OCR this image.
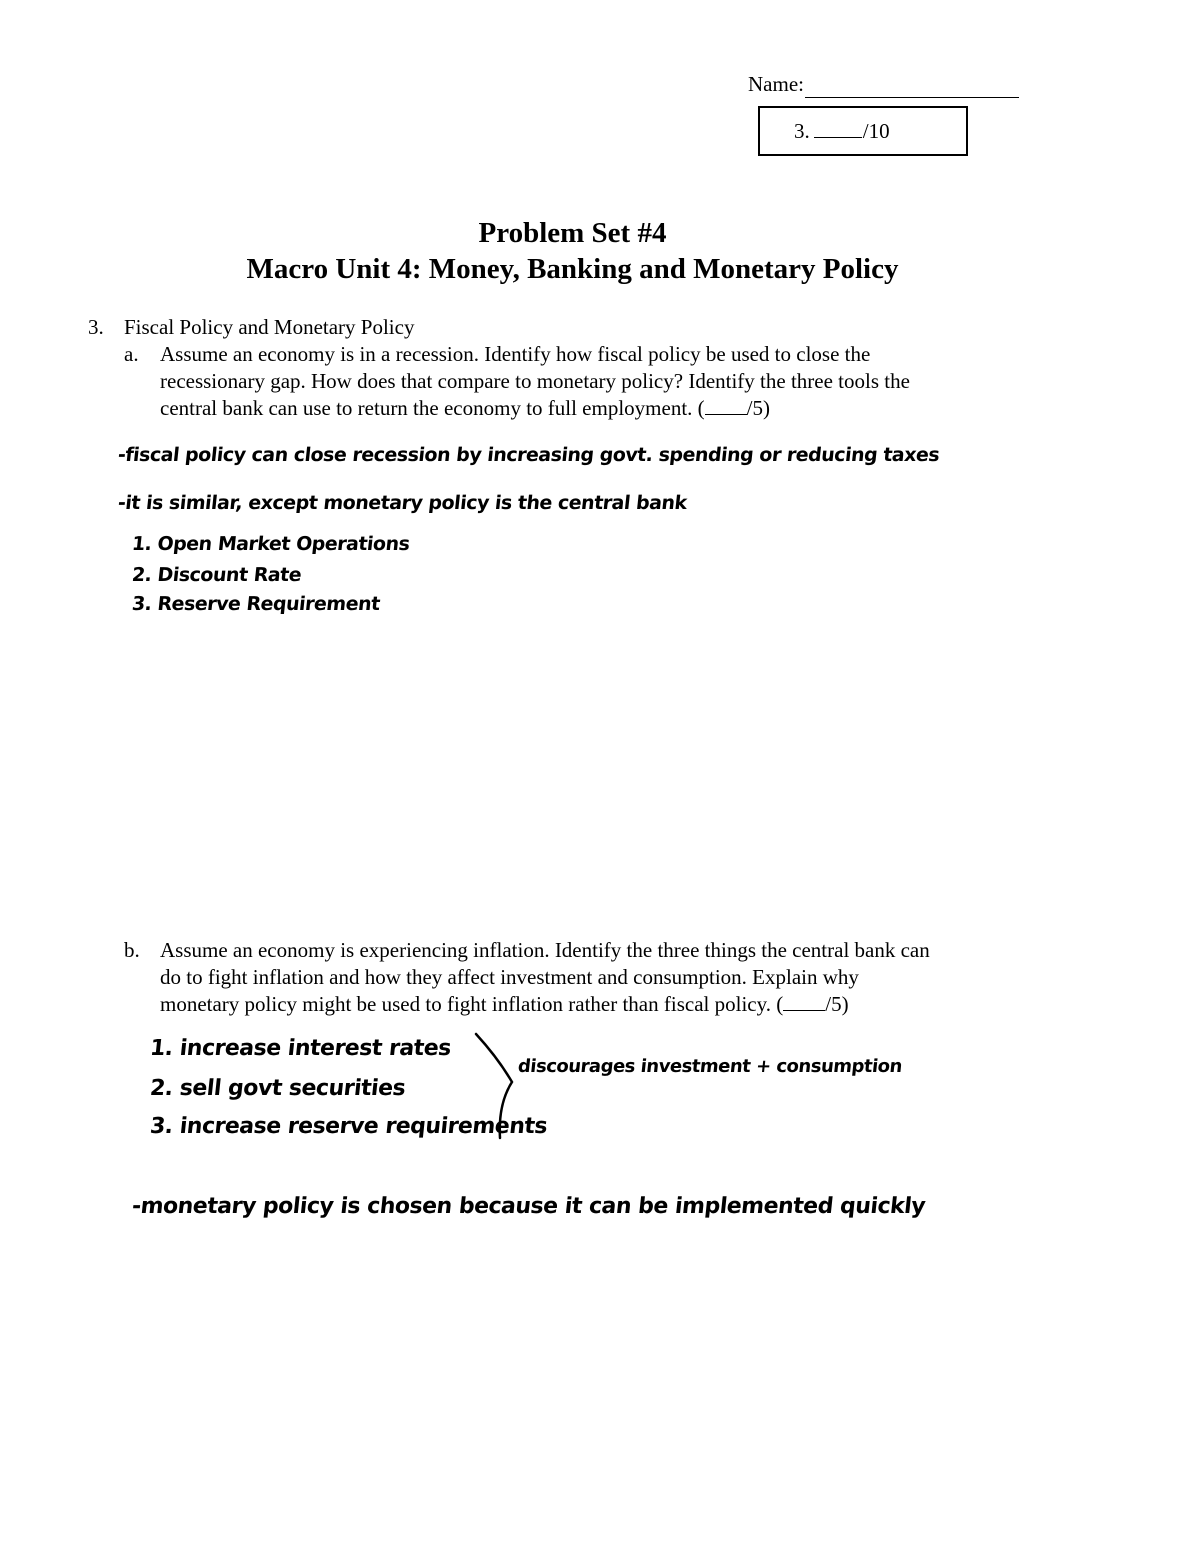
Name:
3.	/10
Problem Set #4
Macro Unit 4: Money, Banking and Monetary Policy
3. Fiscal Policy and Monetary Policy
a. Assume an economy is in a recession. Identify how fiscal policy be used to close the
recessionary gap. How does that compare to monetary policy? Identify the three tools the
central bank can use to return the economy to full employment. ( /5)
-fiscal policy can close recession by increasing govt. spending or reducing taxes
-it is similar, except monetary policy is the central bank
1. Open Market Operations
2. Discount Rate
3. Reserve Requirement
b. Assume an economy is experiencing inflation. Identify the three things the central bank can
do to fight inflation and how they affect investment and consumption. Explain why
monetary policy might be used to fight inflation rather than fiscal policy. ( /5)
1. increase interest rates
2. sell govt securities
3. increase reserve requirements
discourages investment + consumption
-monetary policy is chosen because it can be implemented quickly
